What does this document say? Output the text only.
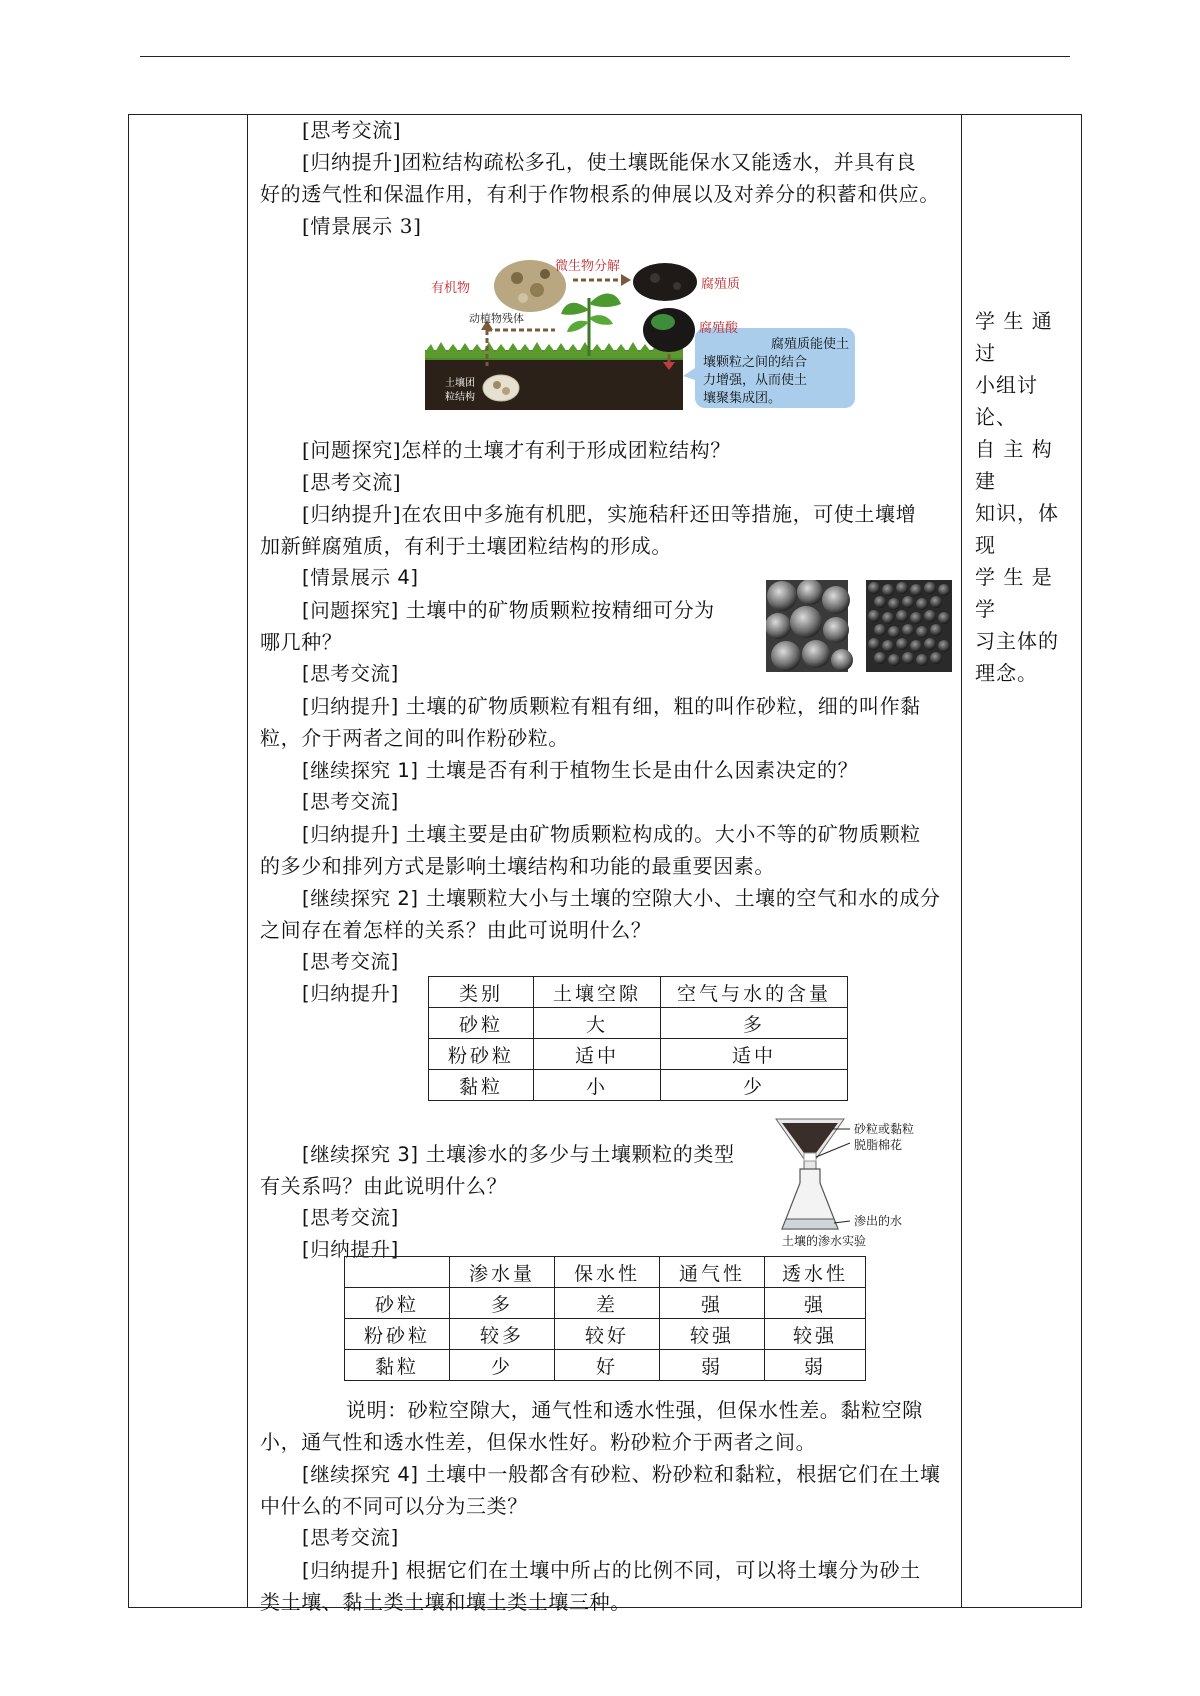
[思考交流]
[归纳提升]团粒结构疏松多孔，使土壤既能保水又能透水，并具有良
好的透气性和保温作用，有利于作物根系的伸展以及对养分的积蓄和供应。
[情景展示 3]
[问题探究]怎样的土壤才有利于形成团粒结构？
[思考交流]
[归纳提升]在农田中多施有机肥，实施秸秆还田等措施，可使土壤增
加新鲜腐殖质，有利于土壤团粒结构的形成。
[情景展示 4]
[问题探究] 土壤中的矿物质颗粒按精细可分为
哪几种？
[思考交流]
[归纳提升] 土壤的矿物质颗粒有粗有细，粗的叫作砂粒，细的叫作黏
粒，介于两者之间的叫作粉砂粒。
[继续探究 1] 土壤是否有利于植物生长是由什么因素决定的？
[思考交流]
[归纳提升] 土壤主要是由矿物质颗粒构成的。大小不等的矿物质颗粒
的多少和排列方式是影响土壤结构和功能的最重要因素。
[继续探究 2] 土壤颗粒大小与土壤的空隙大小、土壤的空气和水的成分
之间存在着怎样的关系？由此可说明什么？
[思考交流]
[归纳提升]
[继续探究 3] 土壤渗水的多少与土壤颗粒的类型
有关系吗？由此说明什么？
[思考交流]
[归纳提升]
说明：砂粒空隙大，通气性和透水性强，但保水性差。黏粒空隙
小，通气性和透水性差，但保水性好。粉砂粒介于两者之间。
[继续探究 4] 土壤中一般都含有砂粒、粉砂粒和黏粒，根据它们在土壤
中什么的不同可以分为三类？
[思考交流]
[归纳提升] 根据它们在土壤中所占的比例不同，可以将土壤分为砂土
类土壤、黏土类土壤和壤土类土壤三种。
有机物
微生物分解
腐殖质
动植物残体
腐殖酸
土壤团
粒结构
腐殖质能使土
壤颗粒之间的结合
力增强，从而使土
壤聚集成团。
类别	土壤空隙	空气与水的含量
砂粒	大	多
粉砂粒	适中	适中
黏粒	小	少
砂粒或黏粒
脱脂棉花
渗出的水
土壤的渗水实验
	渗水量	保水性	通气性	透水性
砂粒	多	差	强	强
粉砂粒	较多	较好	较强	较强
黏粒	少	好	弱	弱
学 生 通 过
小组讨论、
自 主 构 建
知识，体现
学 生 是 学
习主体的
理念。
